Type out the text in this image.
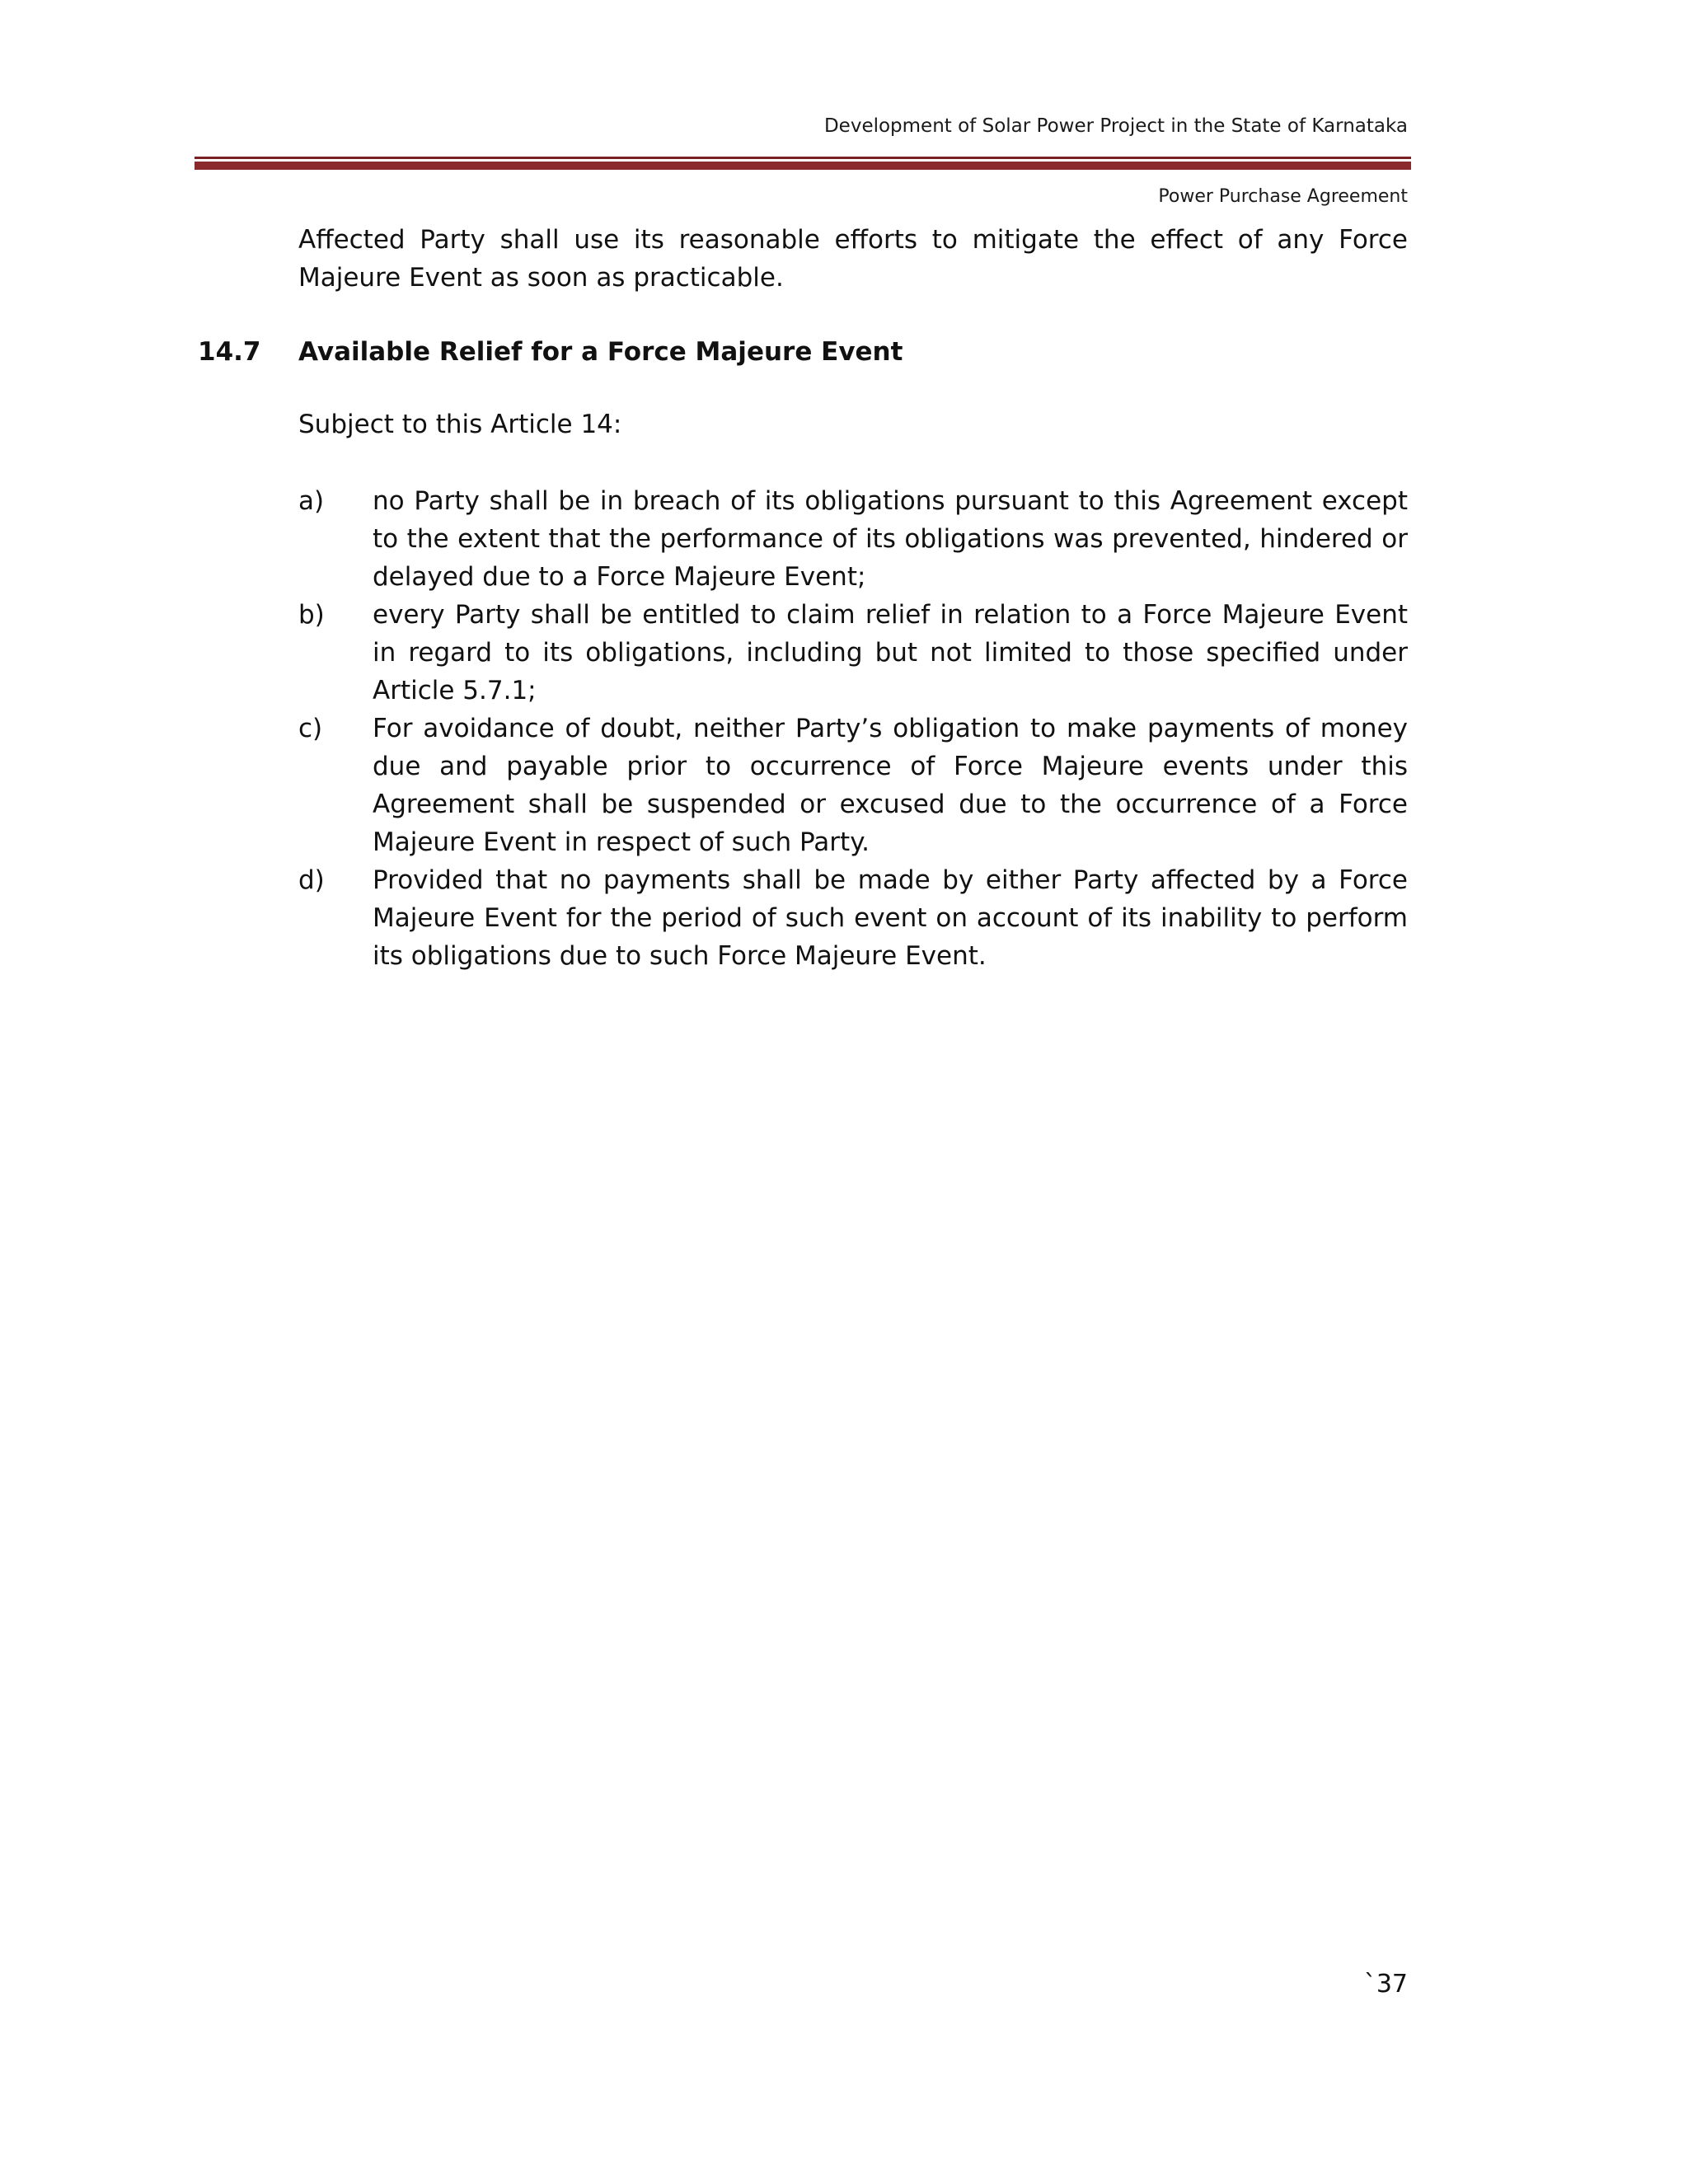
Development of Solar Power Project in the State of Karnataka
Power Purchase Agreement

Affected Party shall use its reasonable efforts to mitigate the effect of any Force Majeure Event as soon as practicable.

14.7 Available Relief for a Force Majeure Event

Subject to this Article 14:

a) no Party shall be in breach of its obligations pursuant to this Agreement except to the extent that the performance of its obligations was prevented, hindered or delayed due to a Force Majeure Event;
b) every Party shall be entitled to claim relief in relation to a Force Majeure Event in regard to its obligations, including but not limited to those specified under Article 5.7.1;
c) For avoidance of doubt, neither Party’s obligation to make payments of money due and payable prior to occurrence of Force Majeure events under this Agreement shall be suspended or excused due to the occurrence of a Force Majeure Event in respect of such Party.
d) Provided that no payments shall be made by either Party affected by a Force Majeure Event for the period of such event on account of its inability to perform its obligations due to such Force Majeure Event.
`37
